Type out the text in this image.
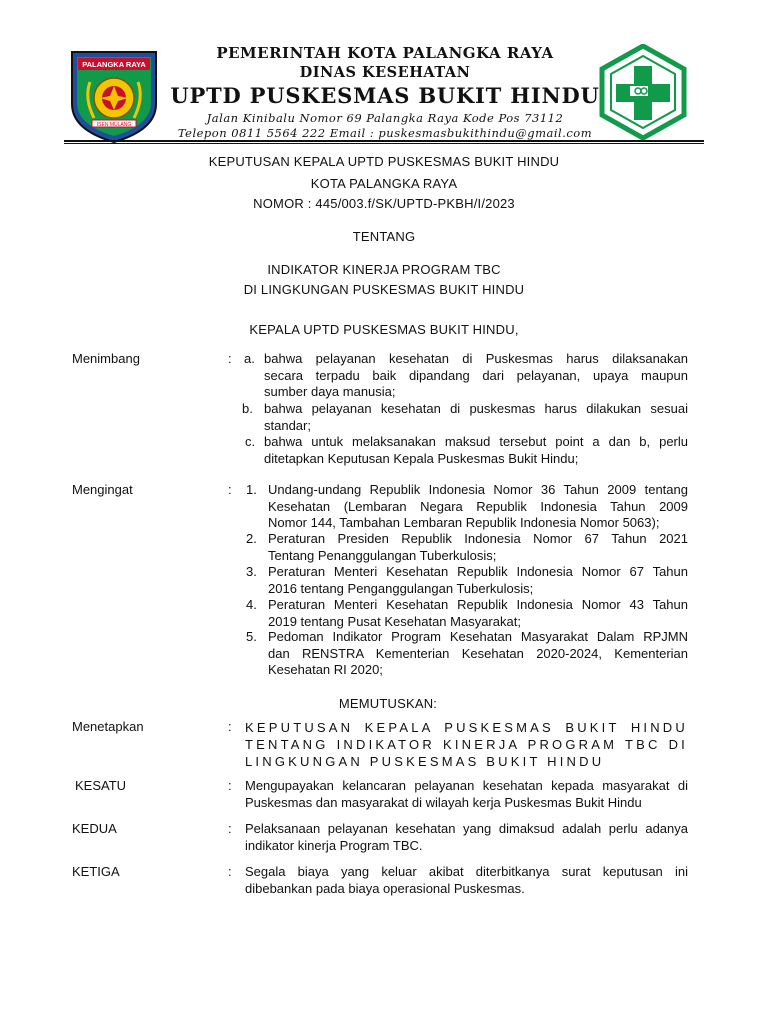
PALANGKA RAYA
ISEN MULANG
PEMERINTAH KOTA PALANGKA RAYA
DINAS KESEHATAN
UPTD PUSKESMAS BUKIT HINDU
Jalan Kinibalu Nomor 69 Palangka Raya Kode Pos 73112
Telepon 0811 5564 222 Email : puskesmasbukithindu@gmail.com
KEPUTUSAN KEPALA UPTD PUSKESMAS BUKIT HINDU
KOTA PALANGKA RAYA
NOMOR : 445/003.f/SK/UPTD-PKBH/I/2023
TENTANG
INDIKATOR KINERJA PROGRAM TBC
DI LINGKUNGAN PUSKESMAS BUKIT HINDU
KEPALA UPTD PUSKESMAS BUKIT HINDU,
Menimbang	: a. bahwa pelayanan kesehatan di Puskesmas harus dilaksanakan
secara terpadu baik dipandang dari pelayanan, upaya maupun
sumber daya manusia;
b. bahwa pelayanan kesehatan di puskesmas harus dilakukan sesuai
standar;
c. bahwa untuk melaksanakan maksud tersebut point a dan b, perlu
ditetapkan Keputusan Kepala Puskesmas Bukit Hindu;
Mengingat	: 1. Undang-undang Republik Indonesia Nomor 36 Tahun 2009 tentang
Kesehatan (Lembaran Negara Republik Indonesia Tahun 2009
Nomor 144, Tambahan Lembaran Republik Indonesia Nomor 5063);
2. Peraturan Presiden Republik Indonesia Nomor 67 Tahun 2021
Tentang Penanggulangan Tuberkulosis;
3. Peraturan Menteri Kesehatan Republik Indonesia Nomor 67 Tahun
2016 tentang Penganggulangan Tuberkulosis;
4. Peraturan Menteri Kesehatan Republik Indonesia Nomor 43 Tahun
2019 tentang Pusat Kesehatan Masyarakat;
5. Pedoman Indikator Program Kesehatan Masyarakat Dalam RPJMN
dan RENSTRA Kementerian Kesehatan 2020-2024, Kementerian
Kesehatan RI 2020;
MEMUTUSKAN:
Menetapkan	: KEPUTUSAN KEPALA PUSKESMAS BUKIT HINDU
TENTANG INDIKATOR KINERJA PROGRAM TBC DI
LINGKUNGAN PUSKESMAS BUKIT HINDU
KESATU	: Mengupayakan kelancaran pelayanan kesehatan kepada masyarakat di
Puskesmas dan masyarakat di wilayah kerja Puskesmas Bukit Hindu
KEDUA	: Pelaksanaan pelayanan kesehatan yang dimaksud adalah perlu adanya
indikator kinerja Program TBC.
KETIGA	: Segala biaya yang keluar akibat diterbitkanya surat keputusan ini
dibebankan pada biaya operasional Puskesmas.
